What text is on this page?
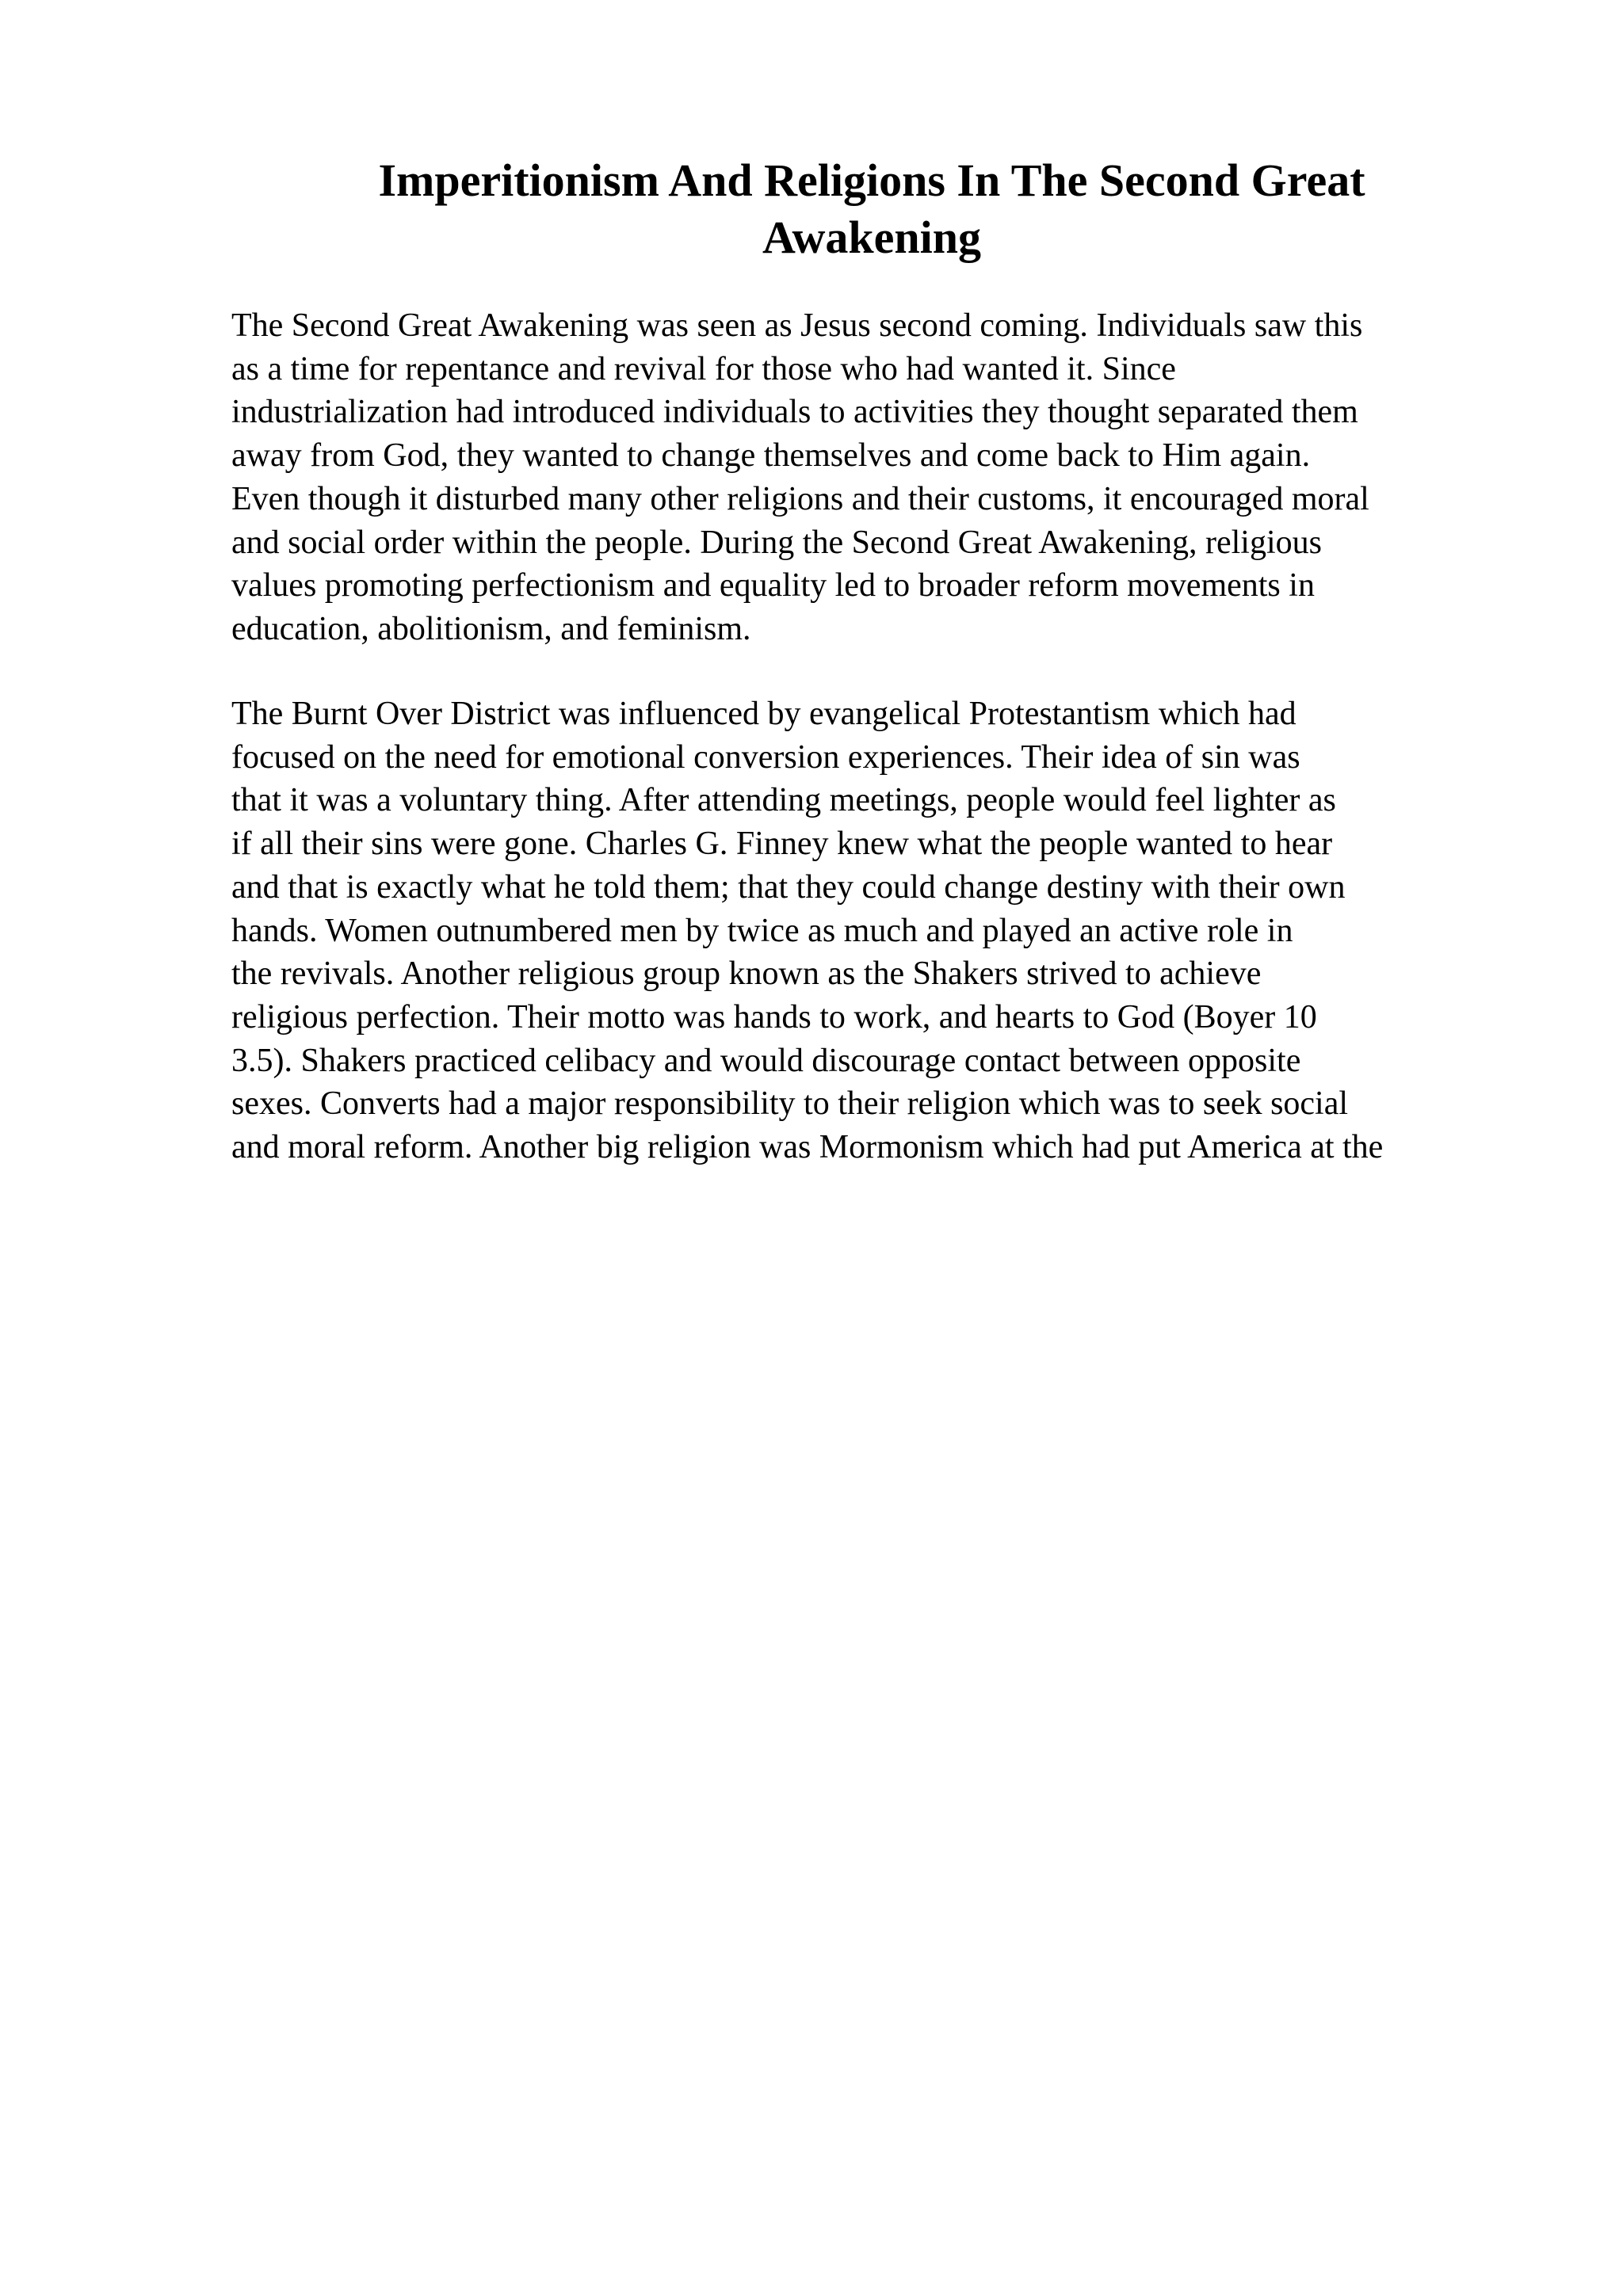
Imperitionism And Religions In The Second Great
Awakening
The Second Great Awakening was seen as Jesus second coming. Individuals saw this
as a time for repentance and revival for those who had wanted it. Since
industrialization had introduced individuals to activities they thought separated them
away from God, they wanted to change themselves and come back to Him again.
Even though it disturbed many other religions and their customs, it encouraged moral
and social order within the people. During the Second Great Awakening, religious
values promoting perfectionism and equality led to broader reform movements in
education, abolitionism, and feminism.
The Burnt Over District was influenced by evangelical Protestantism which had
focused on the need for emotional conversion experiences. Their idea of sin was
that it was a voluntary thing. After attending meetings, people would feel lighter as
if all their sins were gone. Charles G. Finney knew what the people wanted to hear
and that is exactly what he told them; that they could change destiny with their own
hands. Women outnumbered men by twice as much and played an active role in
the revivals. Another religious group known as the Shakers strived to achieve
religious perfection. Their motto was hands to work, and hearts to God (Boyer 10
3.5). Shakers practiced celibacy and would discourage contact between opposite
sexes. Converts had a major responsibility to their religion which was to seek social
and moral reform. Another big religion was Mormonism which had put America at the
